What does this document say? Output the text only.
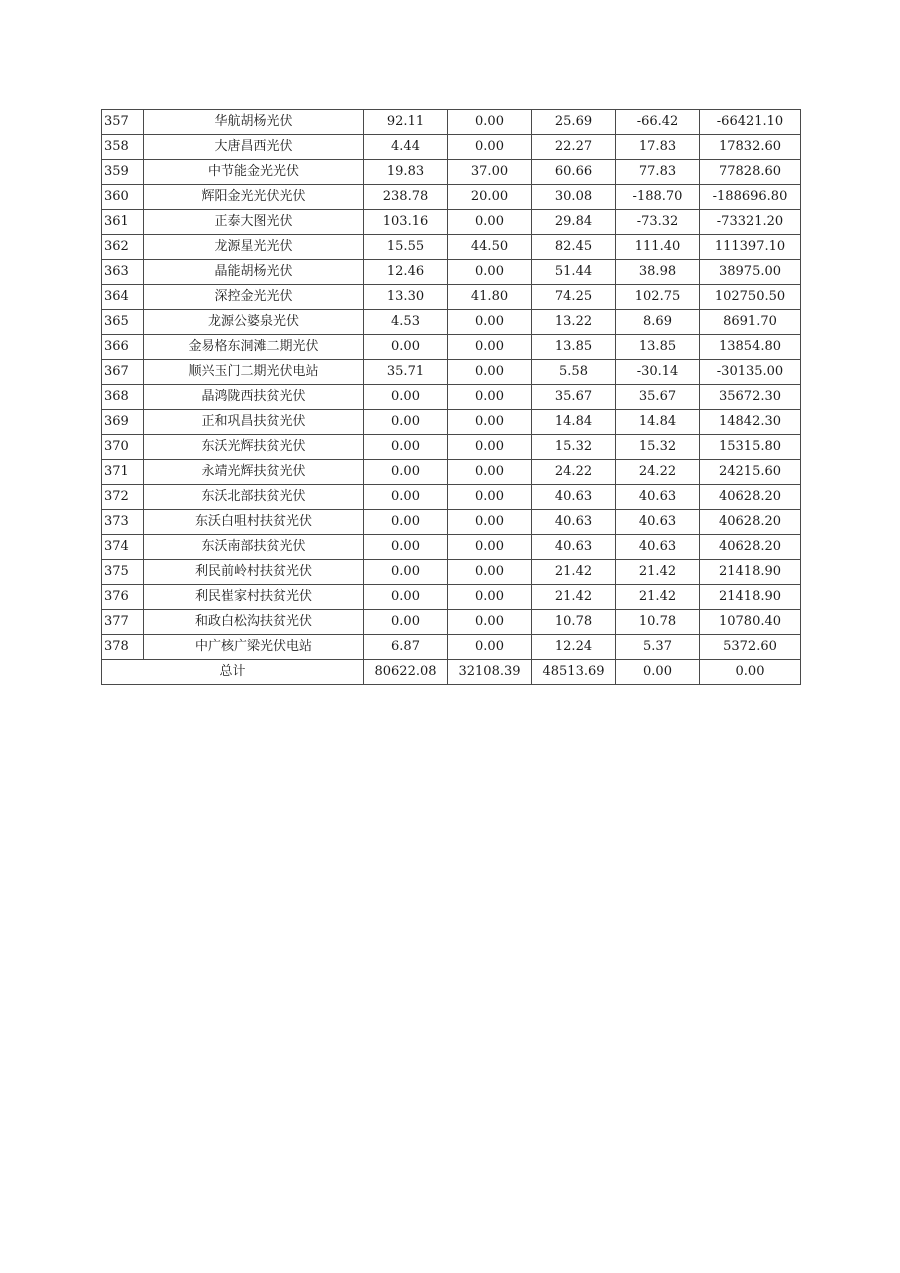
357	华航胡杨光伏	92.11	0.00	25.69	-66.42	-66421.10
358	大唐昌西光伏	4.44	0.00	22.27	17.83	17832.60
359	中节能金光光伏	19.83	37.00	60.66	77.83	77828.60
360	辉阳金光光伏光伏	238.78	20.00	30.08	-188.70	-188696.80
361	正泰大图光伏	103.16	0.00	29.84	-73.32	-73321.20
362	龙源星光光伏	15.55	44.50	82.45	111.40	111397.10
363	晶能胡杨光伏	12.46	0.00	51.44	38.98	38975.00
364	深控金光光伏	13.30	41.80	74.25	102.75	102750.50
365	龙源公婆泉光伏	4.53	0.00	13.22	8.69	8691.70
366	金易格东洞滩二期光伏	0.00	0.00	13.85	13.85	13854.80
367	顺兴玉门二期光伏电站	35.71	0.00	5.58	-30.14	-30135.00
368	晶鸿陇西扶贫光伏	0.00	0.00	35.67	35.67	35672.30
369	正和巩昌扶贫光伏	0.00	0.00	14.84	14.84	14842.30
370	东沃光辉扶贫光伏	0.00	0.00	15.32	15.32	15315.80
371	永靖光辉扶贫光伏	0.00	0.00	24.22	24.22	24215.60
372	东沃北部扶贫光伏	0.00	0.00	40.63	40.63	40628.20
373	东沃白咀村扶贫光伏	0.00	0.00	40.63	40.63	40628.20
374	东沃南部扶贫光伏	0.00	0.00	40.63	40.63	40628.20
375	利民前岭村扶贫光伏	0.00	0.00	21.42	21.42	21418.90
376	利民崔家村扶贫光伏	0.00	0.00	21.42	21.42	21418.90
377	和政白松沟扶贫光伏	0.00	0.00	10.78	10.78	10780.40
378	中广核广梁光伏电站	6.87	0.00	12.24	5.37	5372.60
总计		80622.08	32108.39	48513.69	0.00	0.00
